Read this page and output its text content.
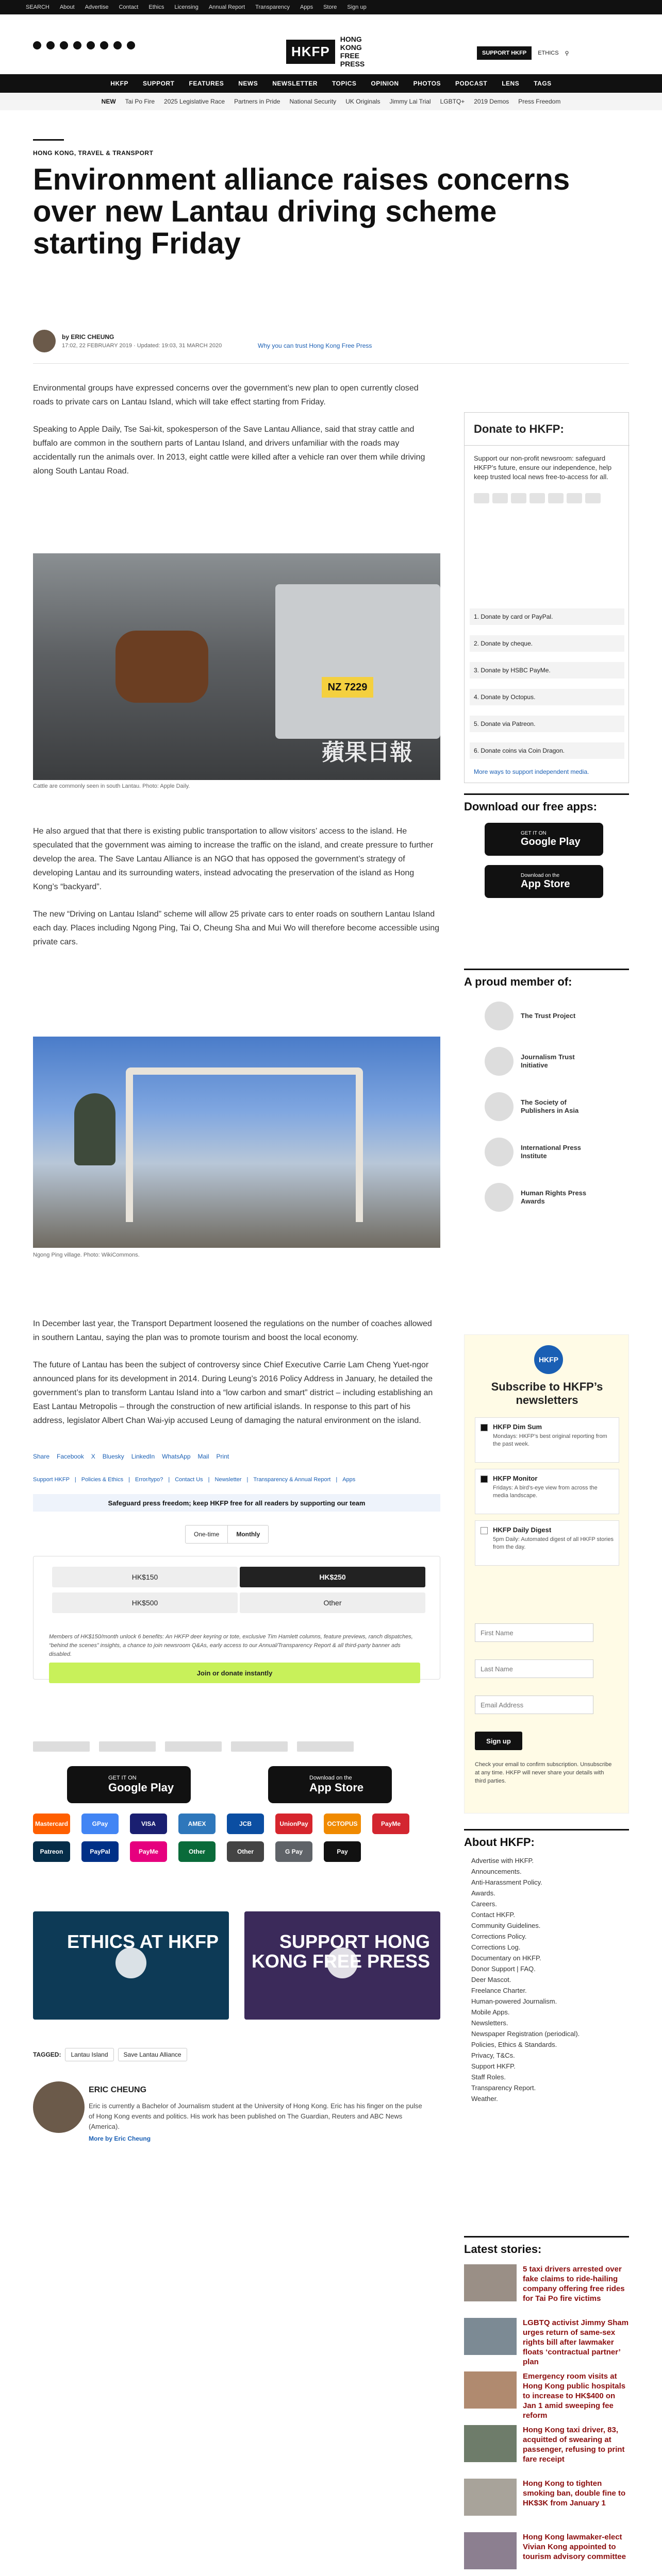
SEARCH About Advertise Contact Ethics Licensing Annual Report Transparency Apps Store Sign up
HKFP
HONG KONG
FREE PRESS
SUPPORT HKFP	ETHICS ⚲
HKFP SUPPORT FEATURES NEWS NEWSLETTER TOPICS OPINION PHOTOS PODCAST LENS TAGS
NEW Tai Po Fire 2025 Legislative Race Partners in Pride National Security UK Originals Jimmy Lai Trial LGBTQ+ 2019 Demos Press Freedom
HONG KONG, TRAVEL & TRANSPORT
Environment alliance raises concerns over new Lantau driving scheme starting Friday
by ERIC CHEUNG
17:02, 22 FEBRUARY 2019 · Updated: 19:03, 31 MARCH 2020	Why you can trust Hong Kong Free Press

Environmental groups have expressed concerns over the government’s new plan to open currently closed roads to private cars on Lantau Island, which will take effect starting from Friday.

Speaking to Apple Daily, Tse Sai-kit, spokesperson of the Save Lantau Alliance, said that stray cattle and buffalo are common in the southern parts of Lantau Island, and drivers unfamiliar with the roads may accidentally run the animals over. In 2013, eight cattle were killed after a vehicle ran over them while driving along South Lantau Road.

NZ 7229
蘋果日報
Cattle are commonly seen in south Lantau. Photo: Apple Daily.

He also argued that that there is existing public transportation to allow visitors’ access to the island. He speculated that the government was aiming to increase the traffic on the island, and create pressure to further develop the area. The Save Lantau Alliance is an NGO that has opposed the government’s strategy of developing Lantau and its surrounding waters, instead advocating the preservation of the island as Hong Kong’s “backyard”.

The new “Driving on Lantau Island” scheme will allow 25 private cars to enter roads on southern Lantau Island each day. Places including Ngong Ping, Tai O, Cheung Sha and Mui Wo will therefore become accessible using private cars.

Ngong Ping village. Photo: WikiCommons.

In December last year, the Transport Department loosened the regulations on the number of coaches allowed in southern Lantau, saying the plan was to promote tourism and boost the local economy.

The future of Lantau has been the subject of controversy since Chief Executive Carrie Lam Cheng Yuet-ngor announced plans for its development in 2014. During Leung’s 2016 Policy Address in January, he detailed the government’s plan to transform Lantau Island into a “low carbon and smart” district – including establishing an East Lantau Metropolis – through the construction of new artificial islands. In response to this part of his address, legislator Albert Chan Wai-yip accused Leung of damaging the natural environment on the island.

Share Facebook X Bluesky LinkedIn WhatsApp Mail Print
Support HKFP | Policies & Ethics | Error/typo? | Contact Us | Newsletter | Transparency & Annual Report | Apps
Safeguard press freedom; keep HKFP free for all readers by supporting our team
One-time	Monthly
HK$150	HK$250
HK$500	Other
Members of HK$150/month unlock 6 benefits: An HKFP deer keyring or tote, exclusive Tim Hamlett columns, feature previews, ranch dispatches, “behind the scenes” insights, a chance to join newsroom Q&As, early access to our Annual/Transparency Report & all third-party banner ads disabled.
Join or donate instantly
GET IT ON
Google Play
Download on the
App Store
Mastercard	GPay	VISA	AMEX	JCB	UnionPay	OCTOPUS	PayMe
Patreon	PayPal	PayMe	Other	Other	G Pay	Pay
ETHICS AT HKFP	SUPPORT HONG KONG FREE PRESS
TAGGED:	Lantau Island	Save Lantau Alliance
ERIC CHEUNG
Eric is currently a Bachelor of Journalism student at the University of Hong Kong. Eric has his finger on the pulse of Hong Kong events and politics. His work has been published on The Guardian, Reuters and ABC News (America).
More by Eric Cheung
Donate to HKFP:
Support our non-profit newsroom: safeguard HKFP’s future, ensure our independence, help keep trusted local news free-to-access for all.
1. Donate by card or PayPal.
2. Donate by cheque.
3. Donate by HSBC PayMe.
4. Donate by Octopus.
5. Donate via Patreon.
6. Donate coins via Coin Dragon.
More ways to support independent media.
Download our free apps:
GET IT ON
Google Play
Download on the
App Store
A proud member of:
The Trust Project
Journalism Trust Initiative
The Society of Publishers in Asia
International Press Institute
Human Rights Press Awards
HKFP
Subscribe to HKFP’s newsletters
HKFP Dim Sum
Mondays: HKFP’s best original reporting from the past week.
HKFP Monitor
Fridays: A bird’s-eye view from across the media landscape.
HKFP Daily Digest
5pm Daily: Automated digest of all HKFP stories from the day.
First Name
Last Name
Email Address
Sign up
Check your email to confirm subscription. Unsubscribe at any time. HKFP will never share your details with third parties.
About HKFP:
Advertise with HKFP.
Announcements.
Anti-Harassment Policy.
Awards.
Careers.
Contact HKFP.
Community Guidelines.
Corrections Policy.
Corrections Log.
Documentary on HKFP.
Donor Support | FAQ.
Deer Mascot.
Freelance Charter.
Human-powered Journalism.
Mobile Apps.
Newsletters.
Newspaper Registration (periodical).
Policies, Ethics & Standards.
Privacy, T&Cs.
Support HKFP.
Staff Roles.
Transparency Report.
Weather.
Latest stories:
5 taxi drivers arrested over fake claims to ride-hailing company offering free rides for Tai Po fire victims
LGBTQ activist Jimmy Sham urges return of same-sex rights bill after lawmaker floats ‘contractual partner’ plan
Emergency room visits at Hong Kong public hospitals to increase to HK$400 on Jan 1 amid sweeping fee reform
Hong Kong taxi driver, 83, acquitted of swearing at passenger, refusing to print fare receipt
Hong Kong to tighten smoking ban, double fine to HK$3K from January 1
Hong Kong lawmaker-elect Vivian Kong appointed to tourism advisory committee
